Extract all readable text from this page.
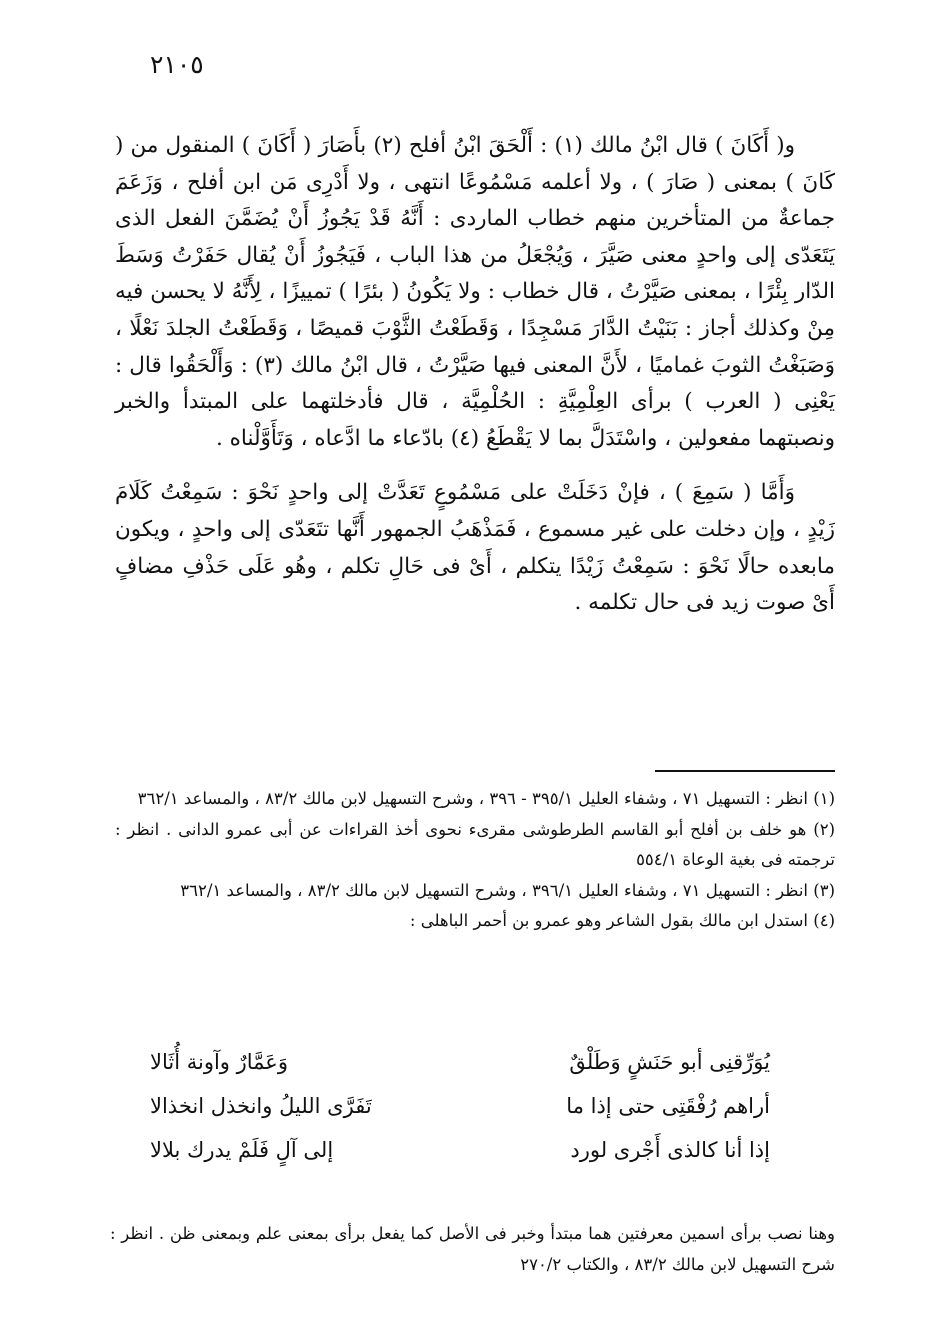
٢١٠٥

و( أَكَانَ ) قال ابْنُ مالك (١) : أَلْحَقَ ابْنُ أفلح (٢) بأَصَارَ ( أَكَانَ ) المنقول من ( كَانَ ) بمعنى ( صَارَ ) ، ولا أعلمه مَسْمُوعًا انتهى ، ولا أَدْرِى مَن ابن أفلح ، وَزَعَمَ جماعةٌ من المتأخرين منهم خطاب الماردى : أَنَّهُ قَدْ يَجُوزُ أَنْ يُضَمَّنَ الفعل الذى يَتَعَدّى إلى واحدٍ معنى صَيَّرَ ، وَيُجْعَلُ من هذا الباب ، فَيَجُوزُ أَنْ يُقال حَفَرْتُ وَسَطَ الدّار بِئْرًا ، بمعنى صَيَّرْتُ ، قال خطاب : ولا يَكُونُ ( بئرًا ) تمييزًا ، لِأَنَّهُ لا يحسن فيه مِنْ وكذلك أجاز : بَنَيْتُ الدَّارَ مَسْجِدًا ، وَقَطَعْتُ الثَّوْبَ قميصًا ، وَقَطَعْتُ الجلدَ نَعْلًا ، وَصَبَغْتُ الثوبَ غماميًا ، لأَنَّ المعنى فيها صَيَّرْتُ ، قال ابْنُ مالك (٣) : وَأَلْحَقُوا قال : يَعْنِى ( العرب ) برأى العِلْمِيَّةِ : الحُلْمِيَّة ، قال فأدخلتهما على المبتدأ والخبر ونصبتهما مفعولين ، واسْتَدَلَّ بما لا يَقْطَعُ (٤) بادّعاء ما ادَّعاه ، وَتَأَوَّلْناه .

وَأَمَّا ( سَمِعَ ) ، فإنْ دَخَلَتْ على مَسْمُوعٍ تَعَدَّتْ إلى واحدٍ نَحْوَ : سَمِعْتُ كَلَامَ زَيْدٍ ، وإن دخلت على غير مسموع ، فَمَذْهَبُ الجمهور أَنَّها تتَعَدّى إلى واحدٍ ، ويكون مابعده حالًا نَحْوَ : سَمِعْتُ زَيْدًا يتكلم ، أَىْ فى حَالِ تكلم ، وهُو عَلَى حَذْفِ مضافٍ أَىْ صوت زيد فى حال تكلمه .

(١) انظر : التسهيل ٧١ ، وشفاء العليل ٣٩٥/١ - ٣٩٦ ، وشرح التسهيل لابن مالك ٨٣/٢ ، والمساعد ٣٦٢/١

(٢) هو خلف بن أفلح أبو القاسم الطرطوشى مقرىء نحوى أخذ القراءات عن أبى عمرو الدانى . انظر : ترجمته فى بغية الوعاة ٥٥٤/١

(٣) انظر : التسهيل ٧١ ، وشفاء العليل ٣٩٦/١ ، وشرح التسهيل لابن مالك ٨٣/٢ ، والمساعد ٣٦٢/١

(٤) استدل ابن مالك بقول الشاعر وهو عمرو بن أحمر الباهلى :

يُوَرِّقنِى أبو حَنَشٍ وَطَلْقٌ
وَعَمَّارٌ وآونة أُثَالا
أراهم رُفْقَتِى حتى إذا ما
تَفَرَّى الليلُ وانخذل انخذالا
إذا أنا كالذى أَجْرى لورد
إلى آلٍ فَلَمْ يدرك بلالا

وهنا نصب برأى اسمين معرفتين هما مبتدأ وخبر فى الأصل كما يفعل برأى بمعنى علم وبمعنى ظن . انظر : شرح التسهيل لابن مالك ٨٣/٢ ، والكتاب ٢٧٠/٢
